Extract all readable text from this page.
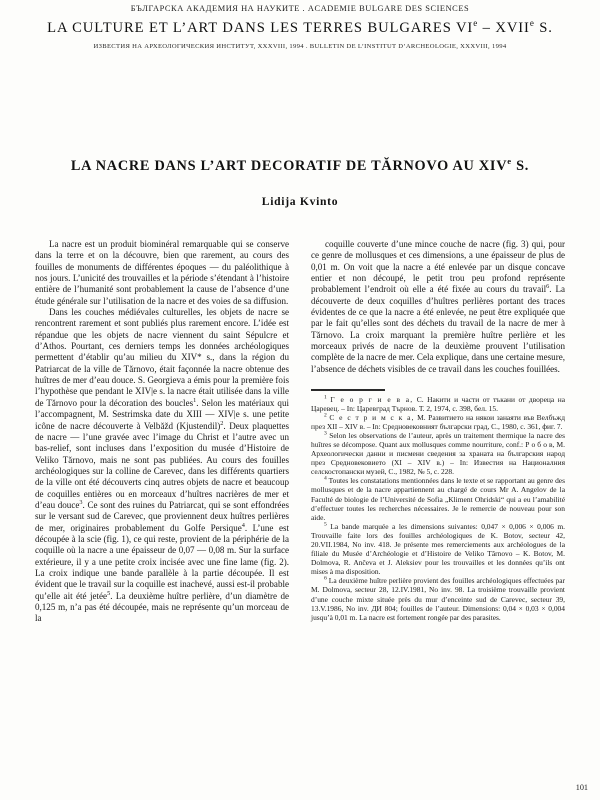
БЪЛГАРСКА АКАДЕМИЯ НА НАУКИТЕ . ACADEMIE BULGARE DES SCIENCES
LA CULTURE ET L’ART DANS LES TERRES BULGARES VIe – XVIIe S.
ИЗВЕСТИЯ НА АРХЕОЛОГИЧЕСКИЯ ИНСТИТУТ, XXXVIII, 1994 . BULLETIN DE L’INSTITUT D’ARCHEOLOGIE, XXXVIII, 1994
LA NACRE DANS L’ART DECORATIF DE TĂRNOVO AU XIVe S.
Lidija Kvinto

La nacre est un produit biominéral remarquable qui se conserve dans la terre et on la découvre, bien que rarement, au cours des fouilles de monuments de différentes époques — du paléolithique à nos jours. L’unicité des trouvailles et la période s’étendant à l’histoire entière de l’humanité sont probablement la cause de l’absence d’une étude générale sur l’utilisation de la nacre et des voies de sa diffusion.

Dans les couches médiévales culturelles, les objets de nacre se rencontrent rarement et sont publiés plus rarement encore. L’idée est répandue que les objets de nacre viennent du saint Sépulcre et d’Athos. Pourtant, ces derniers temps les données archéologiques permettent d’établir qu’au milieu du XIV* s., dans la région du Patriarcat de la ville de Tărnovo, était façonnée la nacre obtenue des huîtres de mer d’eau douce. S. Georgieva a émis pour la première fois l’hypothèse que pendant le XIV|e s. la nacre était utilisée dans la ville de Tărnovo pour la décoration des boucles$^1$. Selon les matériaux qui l’accompagnent, M. Sestrimska date du XIII — XIV|e s. une petite icône de nacre découverte à Velbăžd (Kjustendil)$^2$. Deux plaquettes de nacre — l’une gravée avec l’image du Christ et l’autre avec un bas-relief, sont incluses dans l’exposition du musée d’Histoire de Veliko Tărnovo, mais ne sont pas publiées. Au cours des fouilles archéologiques sur la colline de Carevec, dans les différents quartiers de la ville ont été découverts cinq autres objets de nacre et beaucoup de coquilles entières ou en morceaux d’huîtres nacrières de mer et d’eau douce$^3$. Ce sont des ruines du Patriarcat, qui se sont effondrées sur le versant sud de Carevec, que proviennent deux huîtres perlières de mer, originaires probablement du Golfe Persique$^4$. L’une est découpée à la scie (fig. 1), ce qui reste, provient de la périphérie de la coquille où la nacre a une épaisseur de 0,07 — 0,08 m. Sur la surface extérieure, il y a une petite croix incisée avec une fine lame (fig. 2). La croix indique une bande parallèle à la partie découpée. Il est évident que le travail sur la coquille est inachevé, aussi est-il probable qu’elle ait été jetée$^5$. La deuxième huître perlière, d’un diamètre de 0,125 m, n’a pas été découpée, mais ne représente qu’un morceau de la

coquille couverte d’une mince couche de nacre (fig. 3) qui, pour ce genre de mollusques et ces dimensions, a une épaisseur de plus de 0,01 m. On voit que la nacre a été enlevée par un disque concave entier et non découpé, le petit trou peu profond représente probablement l’endroit où elle a été fixée au cours du travail$^6$. La découverte de deux coquilles d’huîtres perlières portant des traces évidentes de ce que la nacre a été enlevée, ne peut être expliquée que par le fait qu’elles sont des déchets du travail de la nacre de mer à Tărnovo. La croix marquant la première huître perlière et les morceaux privés de nacre de la deuxième prouvent l’utilisation complète de la nacre de mer. Cela explique, dans une certaine mesure, l’absence de déchets visibles de ce travail dans les couches fouillées.

$^1$ Г е о р г и е в а, С. Накити и части от тъкани от двореца на Царевец. – In: Царевград Търнов. Т. 2, 1974, с. 398, бел. 15.

$^2$ С е с т р и м с к а, М. Развитието на някои занаяти във Велбъжд през XII – XIV в. – In: Средновековният български град, С., 1980, с. 361, фиг. 7.

$^3$ Selon les observations de l’auteur, après un traitement thermique la nacre des huîtres se décompose. Quant aux mollusques comme nourriture, conf.: Р о б о в, М. Археологически данни и писмени сведения за храната на българския народ през Средновековието (XI – XIV в.) – In: Известия на Националния селскостопански музей, С., 1982, № 5, с. 228.

$^4$ Toutes les constatations mentionnées dans le texte et se rapportant au genre des mollusques et de la nacre appartiennent au chargé de cours Mr A. Angelov de la Faculté de biologie de l’Université de Sofia „Kliment Ohridski“ qui a eu l’amabilité d’effectuer toutes les recherches nécessaires. Je le remercie de nouveau pour son aide.

$^5$ La bande marquée a les dimensions suivantes: 0,047 × 0,006 × 0,006 m. Trouvaille faite lors des fouilles archéologiques de K. Botov, secteur 42, 20.VII.1984, No inv. 418. Je présente mes remerciements aux archéologues de la filiale du Musée d’Archéologie et d’Histoire de Veliko Tărnovo – K. Botov, M. Dolmova, R. Ančeva et J. Aleksiev pour les trouvailles et les données qu’ils ont mises à ma disposition.

$^6$ La deuxième huître perlière provient des fouilles archéologiques effectuées par M. Dolmova, secteur 28, 12.IV.1981, No inv. 98. La troisième trouvaille provient d’une couche mixte située près du mur d’enceinte sud de Carevec, secteur 39, 13.V.1986, No inv. ДИ 804; fouilles de l’auteur. Dimensions: 0,04 × 0,03 × 0,004 jusqu’à 0,01 m. La nacre est fortement rongée par des parasites.

101
